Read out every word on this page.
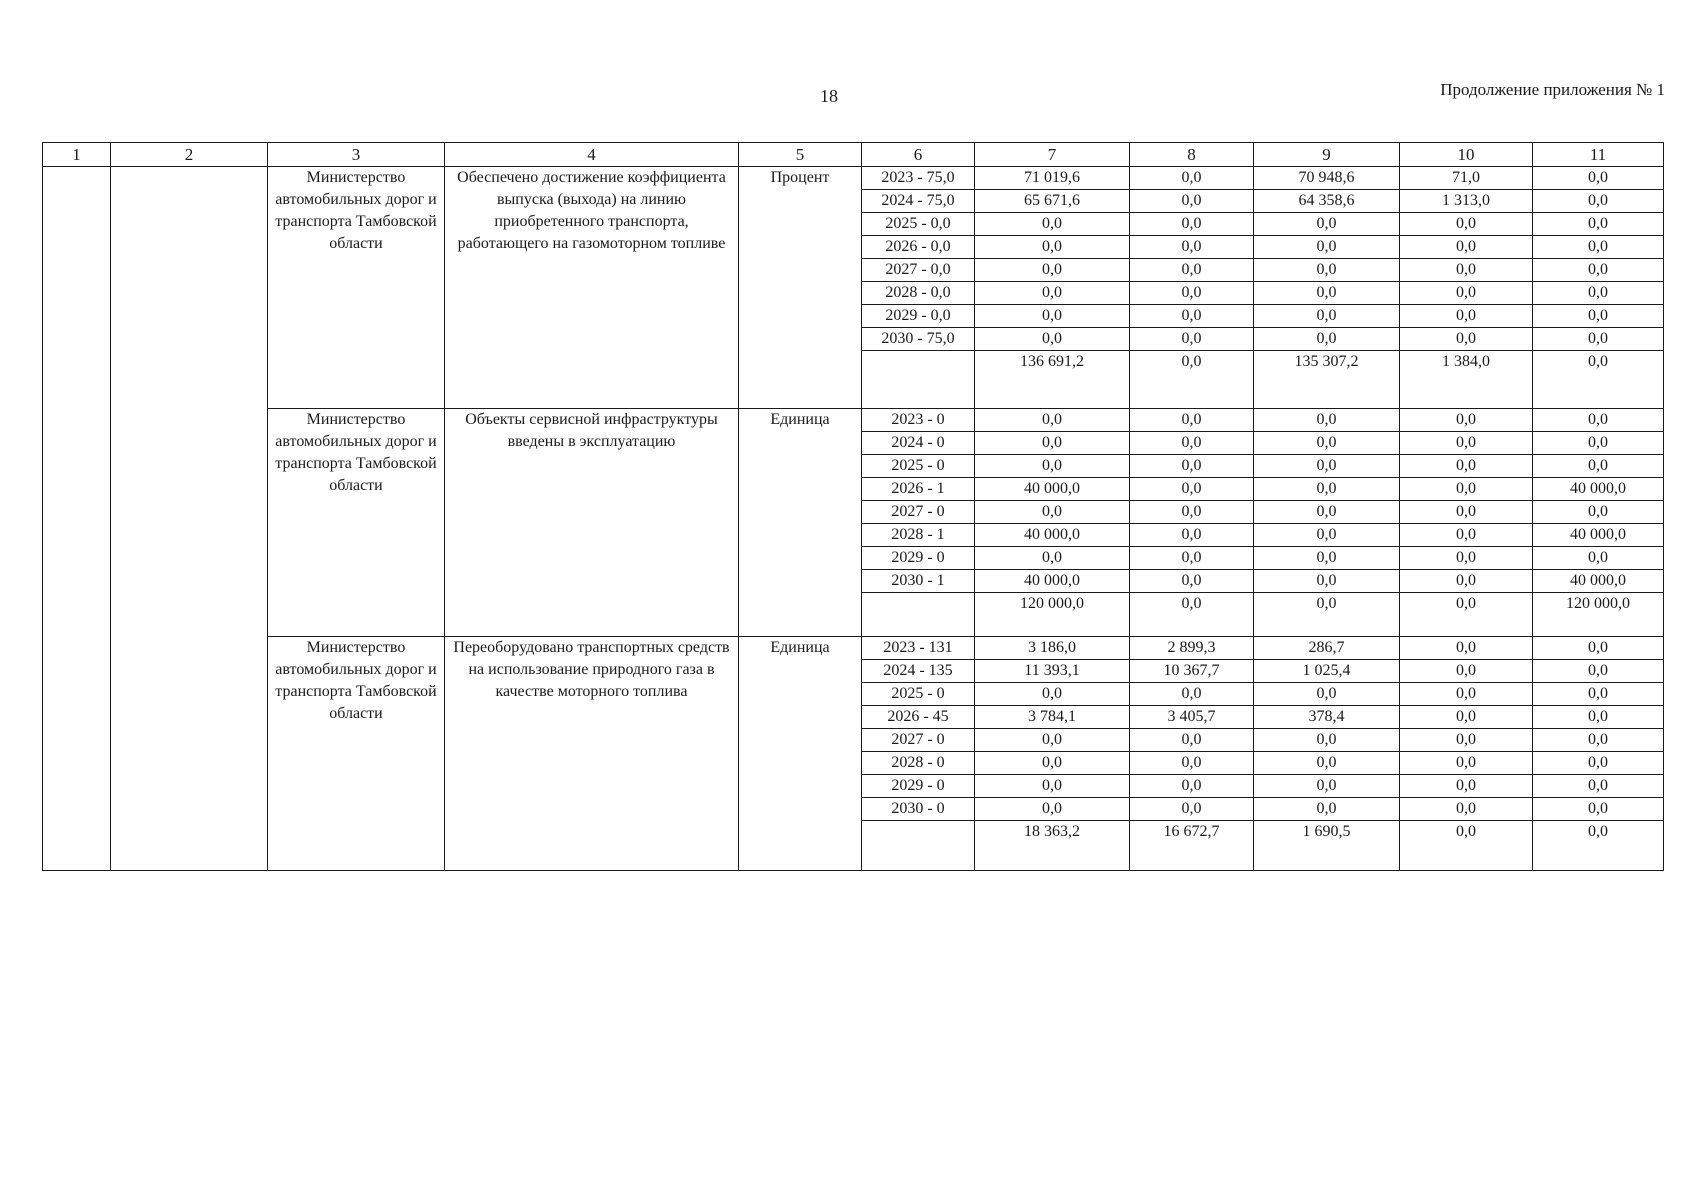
18	Продолжение приложения № 1
1	2	3	4	5	6	7	8	9	10	11
		Министерство автомобильных дорог и транспорта Тамбовской области	Обеспечено достижение коэффициента выпуска (выхода) на линию приобретенного транспорта, работающего на газомоторном топливе	Процент	2023 - 75,0	71 019,6	0,0	70 948,6	71,0	0,0
					2024 - 75,0	65 671,6	0,0	64 358,6	1 313,0	0,0
					2025 - 0,0	0,0	0,0	0,0	0,0	0,0
					2026 - 0,0	0,0	0,0	0,0	0,0	0,0
					2027 - 0,0	0,0	0,0	0,0	0,0	0,0
					2028 - 0,0	0,0	0,0	0,0	0,0	0,0
					2029 - 0,0	0,0	0,0	0,0	0,0	0,0
					2030 - 75,0	0,0	0,0	0,0	0,0	0,0
						136 691,2	0,0	135 307,2	1 384,0	0,0
		Министерство автомобильных дорог и транспорта Тамбовской области	Объекты сервисной инфраструктуры введены в эксплуатацию	Единица	2023 - 0	0,0	0,0	0,0	0,0	0,0
					2024 - 0	0,0	0,0	0,0	0,0	0,0
					2025 - 0	0,0	0,0	0,0	0,0	0,0
					2026 - 1	40 000,0	0,0	0,0	0,0	40 000,0
					2027 - 0	0,0	0,0	0,0	0,0	0,0
					2028 - 1	40 000,0	0,0	0,0	0,0	40 000,0
					2029 - 0	0,0	0,0	0,0	0,0	0,0
					2030 - 1	40 000,0	0,0	0,0	0,0	40 000,0
						120 000,0	0,0	0,0	0,0	120 000,0
		Министерство автомобильных дорог и транспорта Тамбовской области	Переоборудовано транспортных средств на использование природного газа в качестве моторного топлива	Единица	2023 - 131	3 186,0	2 899,3	286,7	0,0	0,0
					2024 - 135	11 393,1	10 367,7	1 025,4	0,0	0,0
					2025 - 0	0,0	0,0	0,0	0,0	0,0
					2026 - 45	3 784,1	3 405,7	378,4	0,0	0,0
					2027 - 0	0,0	0,0	0,0	0,0	0,0
					2028 - 0	0,0	0,0	0,0	0,0	0,0
					2029 - 0	0,0	0,0	0,0	0,0	0,0
					2030 - 0	0,0	0,0	0,0	0,0	0,0
						18 363,2	16 672,7	1 690,5	0,0	0,0
